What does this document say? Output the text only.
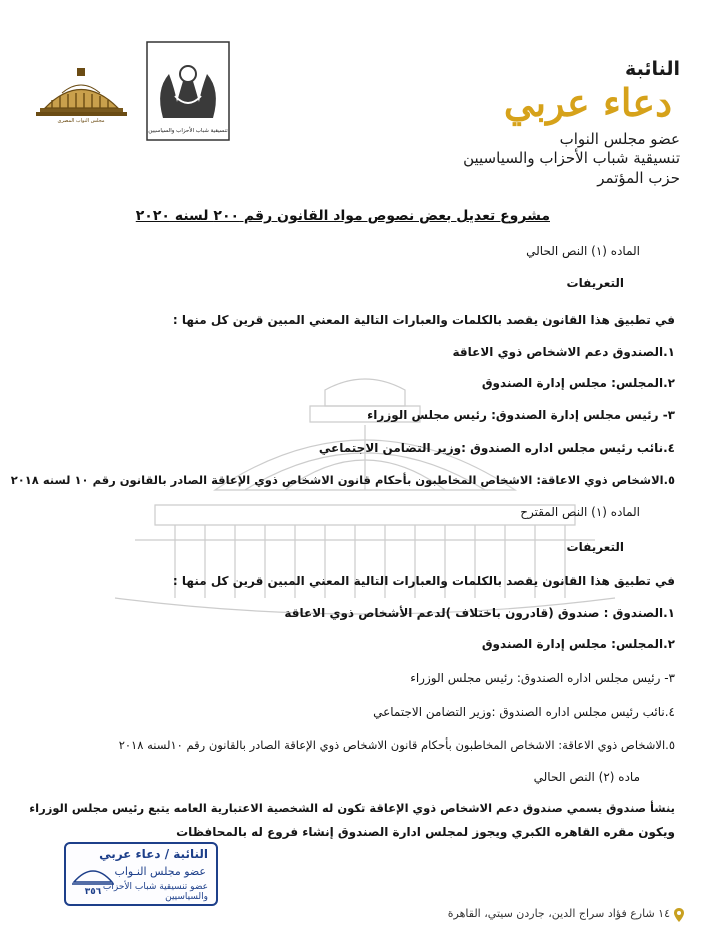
مجلس النواب المصري
تنسيقية شباب الأحزاب والسياسيين
النائبة
دعاء عربي
عضو مجلس النواب
تنسيقية شباب الأحزاب والسياسيين
حزب المؤتمر
مشروع تعديل بعض نصوص مواد القانون رقم ٢٠٠ لسنه ٢٠٢٠
الماده (١) النص الحالي
التعريفات
في تطبيق هذا القانون يقصد بالكلمات والعبارات التالية المعني المبين قرين كل منها :
١.الصندوق دعم الاشخاص ذوي الاعاقة
٢.المجلس: مجلس إدارة الصندوق
٣- رئيس مجلس إدارة الصندوق: رئيس مجلس الوزراء
٤.نائب رئيس مجلس اداره الصندوق :وزير التضامن الاجتماعي
٥.الاشخاص ذوي الاعاقة: الاشخاص المخاطبون بأحكام قانون الاشخاص ذوي الإعاقة الصادر بالقانون رقم ١٠ لسنه ٢٠١٨
الماده (١) النص المقترح
التعريفات
في تطبيق هذا القانون يقصد بالكلمات والعبارات التالية المعني المبين قرين كل منها :
١.الصندوق : صندوق (قادرون باختلاف )لدعم الأشخاص ذوي الاعاقة
٢.المجلس: مجلس إدارة الصندوق
٣- رئيس مجلس اداره الصندوق: رئيس مجلس الوزراء
٤.نائب رئيس مجلس اداره الصندوق :وزير التضامن الاجتماعي
٥.الاشخاص ذوي الاعاقة: الاشخاص المخاطبون بأحكام قانون الاشخاص ذوي الإعاقة الصادر بالقانون رقم ١٠لسنه ٢٠١٨
ماده (٢) النص الحالي
ينشأ صندوق يسمي صندوق دعم الاشخاص ذوي الإعاقة تكون له الشخصية الاعتبارية العامه يتبع رئيس مجلس الوزراء
ويكون مقره القاهره الكبري ويجوز لمجلس ادارة الصندوق إنشاء فروع له بالمحافظات
٣٥٦
النائبة / دعاء عربي
عضو مجلس النـواب
عضو تنسيقية شباب الأحزاب والسياسيين
١٤ شارع فؤاد سراج الدين، جاردن سيتي، القاهرة
